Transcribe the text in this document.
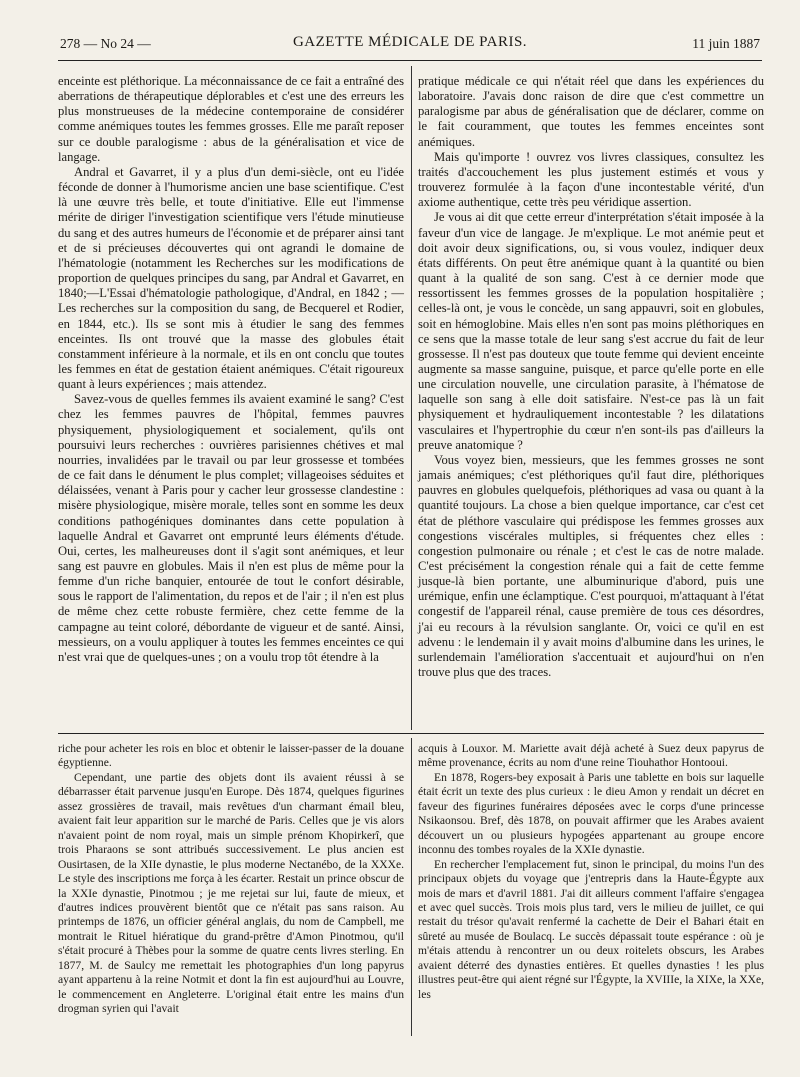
278 — No 24 —	GAZETTE MÉDICALE DE PARIS.	11 juin 1887

enceinte est pléthorique. La méconnaissance de ce fait a entraîné des aberrations de thérapeutique déplorables et c'est une des erreurs les plus monstrueuses de la médecine contemporaine de considérer comme anémiques toutes les femmes grosses. Elle me paraît reposer sur ce double paralogisme : abus de la généralisation et vice de langage.

Andral et Gavarret, il y a plus d'un demi-siècle, ont eu l'idée féconde de donner à l'humorisme ancien une base scientifique. C'est là une œuvre très belle, et toute d'initiative. Elle eut l'immense mérite de diriger l'investigation scientifique vers l'étude minutieuse du sang et des autres humeurs de l'économie et de préparer ainsi tant et de si précieuses découvertes qui ont agrandi le domaine de l'hématologie (notamment les Recherches sur les modifications de proportion de quelques principes du sang, par Andral et Gavarret, en 1840;—L'Essai d'hématologie pathologique, d'Andral, en 1842 ; — Les recherches sur la composition du sang, de Becquerel et Rodier, en 1844, etc.). Ils se sont mis à étudier le sang des femmes enceintes. Ils ont trouvé que la masse des globules était constamment inférieure à la normale, et ils en ont conclu que toutes les femmes en état de gestation étaient anémiques. C'était rigoureux quant à leurs expériences ; mais attendez.

Savez-vous de quelles femmes ils avaient examiné le sang? C'est chez les femmes pauvres de l'hôpital, femmes pauvres physiquement, physiologiquement et socialement, qu'ils ont poursuivi leurs recherches : ouvrières parisiennes chétives et mal nourries, invalidées par le travail ou par leur grossesse et tombées de ce fait dans le dénument le plus complet; villageoises séduites et délaissées, venant à Paris pour y cacher leur grossesse clandestine : misère physiologique, misère morale, telles sont en somme les deux conditions pathogéniques dominantes dans cette population à laquelle Andral et Gavarret ont emprunté leurs éléments d'étude. Oui, certes, les malheureuses dont il s'agit sont anémiques, et leur sang est pauvre en globules. Mais il n'en est plus de même pour la femme d'un riche banquier, entourée de tout le confort désirable, sous le rapport de l'alimentation, du repos et de l'air ; il n'en est plus de même chez cette robuste fermière, chez cette femme de la campagne au teint coloré, débordante de vigueur et de santé. Ainsi, messieurs, on a voulu appliquer à toutes les femmes enceintes ce qui n'est vrai que de quelques-unes ; on a voulu trop tôt étendre à la

pratique médicale ce qui n'était réel que dans les expériences du laboratoire. J'avais donc raison de dire que c'est commettre un paralogisme par abus de généralisation que de déclarer, comme on le fait couramment, que toutes les femmes enceintes sont anémiques.

Mais qu'importe ! ouvrez vos livres classiques, consultez les traités d'accouchement les plus justement estimés et vous y trouverez formulée à la façon d'une incontestable vérité, d'un axiome authentique, cette très peu véridique assertion.

Je vous ai dit que cette erreur d'interprétation s'était imposée à la faveur d'un vice de langage. Je m'explique. Le mot anémie peut et doit avoir deux significations, ou, si vous voulez, indiquer deux états différents. On peut être anémique quant à la quantité ou bien quant à la qualité de son sang. C'est à ce dernier mode que ressortissent les femmes grosses de la population hospitalière ; celles-là ont, je vous le concède, un sang appauvri, soit en globules, soit en hémoglobine. Mais elles n'en sont pas moins pléthoriques en ce sens que la masse totale de leur sang s'est accrue du fait de leur grossesse. Il n'est pas douteux que toute femme qui devient enceinte augmente sa masse sanguine, puisque, et parce qu'elle porte en elle une circulation nouvelle, une circulation parasite, à l'hématose de laquelle son sang à elle doit satisfaire. N'est-ce pas là un fait physiquement et hydrauliquement incontestable ? les dilatations vasculaires et l'hypertrophie du cœur n'en sont-ils pas d'ailleurs la preuve anatomique ?

Vous voyez bien, messieurs, que les femmes grosses ne sont jamais anémiques; c'est pléthoriques qu'il faut dire, pléthoriques pauvres en globules quelquefois, pléthoriques ad vasa ou quant à la quantité toujours. La chose a bien quelque importance, car c'est cet état de pléthore vasculaire qui prédispose les femmes grosses aux congestions viscérales multiples, si fréquentes chez elles : congestion pulmonaire ou rénale ; et c'est le cas de notre malade. C'est précisément la congestion rénale qui a fait de cette femme jusque-là bien portante, une albuminurique d'abord, puis une urémique, enfin une éclamptique. C'est pourquoi, m'attaquant à l'état congestif de l'appareil rénal, cause première de tous ces désordres, j'ai eu recours à la révulsion sanglante. Or, voici ce qu'il en est advenu : le lendemain il y avait moins d'albumine dans les urines, le surlendemain l'amélioration s'accentuait et aujourd'hui on n'en trouve plus que des traces.

riche pour acheter les rois en bloc et obtenir le laisser-passer de la douane égyptienne.

Cependant, une partie des objets dont ils avaient réussi à se débarrasser était parvenue jusqu'en Europe. Dès 1874, quelques figurines assez grossières de travail, mais revêtues d'un charmant émail bleu, avaient fait leur apparition sur le marché de Paris. Celles que je vis alors n'avaient point de nom royal, mais un simple prénom Khopirkerî, que trois Pharaons se sont attribués successivement. Le plus ancien est Ousirtasen, de la XIIe dynastie, le plus moderne Nectanébo, de la XXXe. Le style des inscriptions me força à les écarter. Restait un prince obscur de la XXIe dynastie, Pinotmou ; je me rejetai sur lui, faute de mieux, et d'autres indices prouvèrent bientôt que ce n'était pas sans raison. Au printemps de 1876, un officier général anglais, du nom de Campbell, me montrait le Rituel hiératique du grand-prêtre d'Amon Pinotmou, qu'il s'était procuré à Thèbes pour la somme de quatre cents livres sterling. En 1877, M. de Saulcy me remettait les photographies d'un long papyrus ayant appartenu à la reine Notmit et dont la fin est aujourd'hui au Louvre, le commencement en Angleterre. L'original était entre les mains d'un drogman syrien qui l'avait

acquis à Louxor. M. Mariette avait déjà acheté à Suez deux papyrus de même provenance, écrits au nom d'une reine Tiouhathor Hontooui.

En 1878, Rogers-bey exposait à Paris une tablette en bois sur laquelle était écrit un texte des plus curieux : le dieu Amon y rendait un décret en faveur des figurines funéraires déposées avec le corps d'une princesse Nsikaonsou. Bref, dès 1878, on pouvait affirmer que les Arabes avaient découvert un ou plusieurs hypogées appartenant au groupe encore inconnu des tombes royales de la XXIe dynastie.

En rechercher l'emplacement fut, sinon le principal, du moins l'un des principaux objets du voyage que j'entrepris dans la Haute-Égypte aux mois de mars et d'avril 1881. J'ai dit ailleurs comment l'affaire s'engagea et avec quel succès. Trois mois plus tard, vers le milieu de juillet, ce qui restait du trésor qu'avait renfermé la cachette de Deir el Bahari était en sûreté au musée de Boulacq. Le succès dépassait toute espérance : où je m'étais attendu à rencontrer un ou deux roitelets obscurs, les Arabes avaient déterré des dynasties entières. Et quelles dynasties ! les plus illustres peut-être qui aient régné sur l'Égypte, la XVIIIe, la XIXe, la XXe, les
